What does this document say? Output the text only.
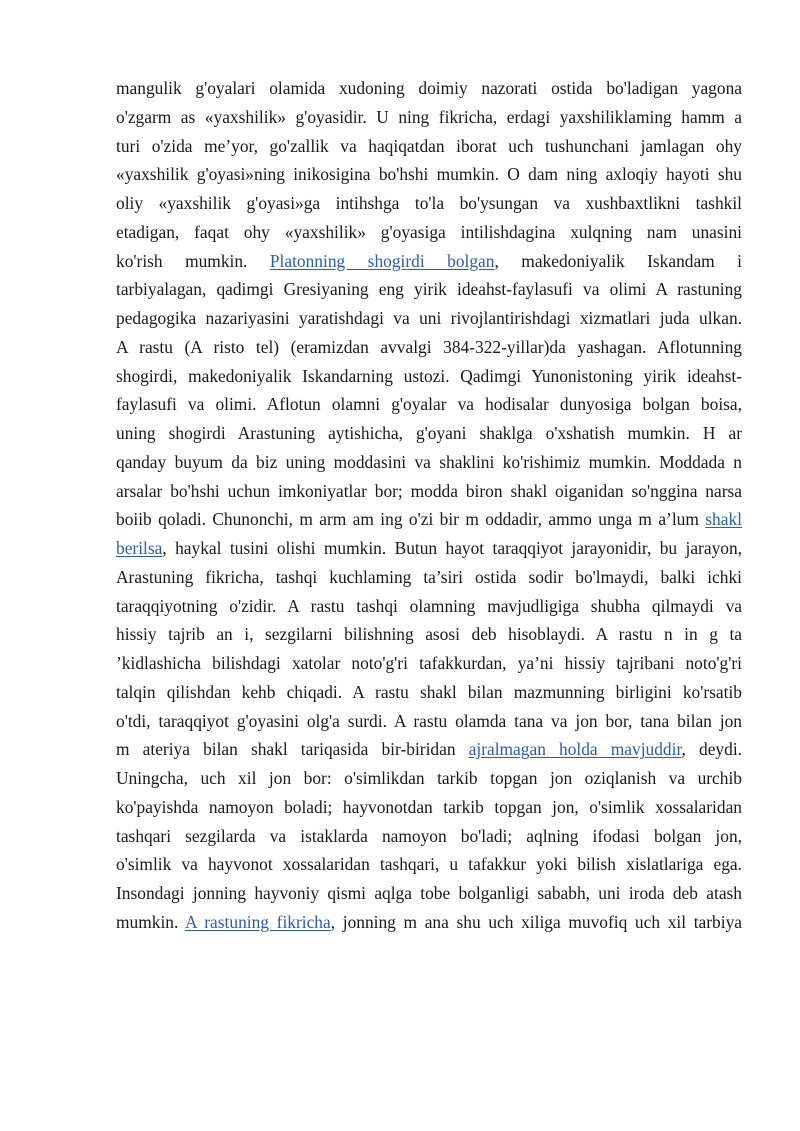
mangulik g'oyalari olamida xudoning doimiy nazorati ostida bo'ladigan yagona
o'zgarm as «yaxshilik» g'oyasidir. U ning fikricha, erdagi yaxshiliklaming hamm a
turi o'zida me’yor, go'zallik va haqiqatdan iborat uch tushunchani jamlagan ohy
«yaxshilik g'oyasi»ning inikosigina bo'hshi mumkin. O dam ning axloqiy hayoti shu
oliy «yaxshilik g'oyasi»ga intihshga to'la bo'ysungan va xushbaxtlikni tashkil
etadigan, faqat ohy «yaxshilik» g'oyasiga intilishdagina xulqning nam unasini
ko'rish mumkin. Platonning shogirdi bolgan, makedoniyalik Iskandam i
tarbiyalagan, qadimgi Gresiyaning eng yirik ideahst-faylasufi va olimi A rastuning
pedagogika nazariyasini yaratishdagi va uni rivojlantirishdagi xizmatlari juda ulkan.
A rastu (A risto tel) (eramizdan avvalgi 384-322-yillar)da yashagan. Aflotunning
shogirdi, makedoniyalik Iskandarning ustozi. Qadimgi Yunonistoning yirik ideahst-
faylasufi va olimi. Aflotun olamni g'oyalar va hodisalar dunyosiga bolgan boisa,
uning shogirdi Arastuning aytishicha, g'oyani shaklga o'xshatish mumkin. H ar
qanday buyum da biz uning moddasini va shaklini ko'rishimiz mumkin. Moddada n
arsalar bo'hshi uchun imkoniyatlar bor; modda biron shakl oiganidan so'nggina narsa
boiib qoladi. Chunonchi, m arm am ing o'zi bir m oddadir, ammo unga m a’lum shakl
berilsa, haykal tusini olishi mumkin. Butun hayot taraqqiyot jarayonidir, bu jarayon,
Arastuning fikricha, tashqi kuchlaming ta’siri ostida sodir bo'lmaydi, balki ichki
taraqqiyotning o'zidir. A rastu tashqi olamning mavjudligiga shubha qilmaydi va
hissiy tajrib an i, sezgilarni bilishning asosi deb hisoblaydi. A rastu n in g ta
’kidlashicha bilishdagi xatolar noto'g'ri tafakkurdan, ya’ni hissiy tajribani noto'g'ri
talqin qilishdan kehb chiqadi. A rastu shakl bilan mazmunning birligini ko'rsatib
o'tdi, taraqqiyot g'oyasini olg'a surdi. A rastu olamda tana va jon bor, tana bilan jon
m ateriya bilan shakl tariqasida bir-biridan ajralmagan holda mavjuddir, deydi.
Uningcha, uch xil jon bor: o'simlikdan tarkib topgan jon oziqlanish va urchib
ko'payishda namoyon boladi; hayvonotdan tarkib topgan jon, o'simlik xossalaridan
tashqari sezgilarda va istaklarda namoyon bo'ladi; aqlning ifodasi bolgan jon,
o'simlik va hayvonot xossalaridan tashqari, u tafakkur yoki bilish xislatlariga ega.
Insondagi jonning hayvoniy qismi aqlga tobe bolganligi sababh, uni iroda deb atash
mumkin. A rastuning fikricha, jonning m ana shu uch xiliga muvofiq uch xil tarbiya
